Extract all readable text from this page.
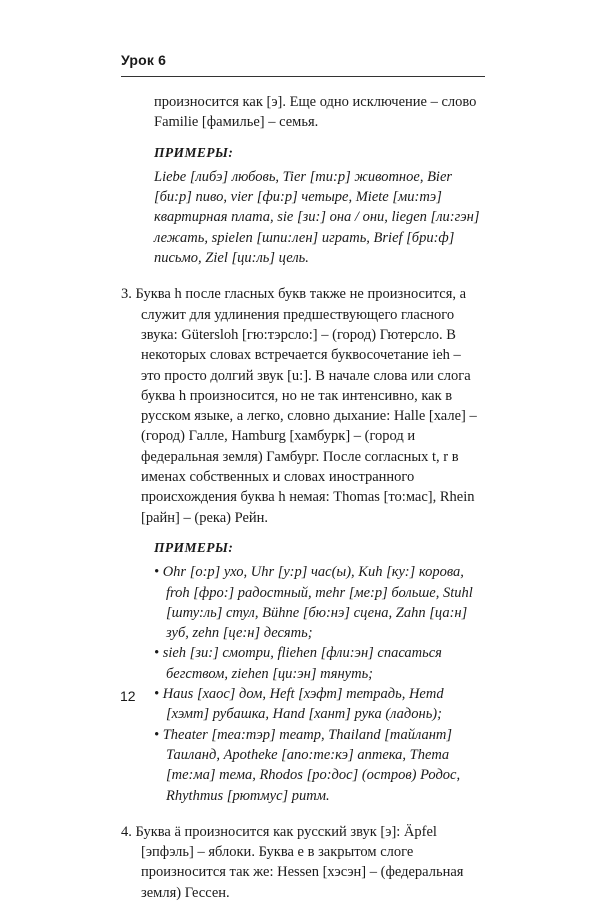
Урок 6

произносится как [э]. Еще одно исключение – слово Familie [фамильe] – семья.

ПРИМЕРЫ:

Liebe [лuбэ] любовь, Tier [тu:р] животное, Bier [бu:р] пиво, vier [фu:р] четыре, Miete [мu:тэ] квартирная плата, sie [зu:] она / они, liegen [лu:гэн] лежать, spielen [шпu:лен] играть, Brief [брu:ф] письмо, Ziel [цu:ль] цель.

3. Буква h после гласных букв также не произносится, а служит для удлинения предшествующего гласного звука: Gütersloh [гю:тэрсло:] – (город) Гютерсло. В некоторых словах встречается буквосочетание ieh – это просто долгий звук [u:]. В начале слова или слога буква h произносится, но не так интенсивно, как в русском языке, а легко, словно дыхание: Halle [хале] – (город) Галле, Hamburg [хамбурк] – (город и федеральная земля) Гамбург. После согласных t, r в именах собственных и словах иностранного происхождения буква h немая: Thomas [то:мас], Rhein [райн] – (река) Рейн.

ПРИМЕРЫ:
• Ohr [о:р] ухо, Uhr [у:р] час(ы), Kuh [ку:] корова, froh [фро:] радостный, mehr [ме:р] больше, Stuhl [шту:ль] стул, Bühne [бю:нэ] сцена, Zahn [ца:н] зуб, zehn [це:н] десять;
• sieh [зu:] смотри, fliehen [флu:эн] спасаться бегством, ziehen [цu:эн] тянуть;
• Haus [хаос] дом, Heft [хэфт] тетрадь, Hemd [хэмт] рубашка, Hand [хант] рука (ладонь);
• Theater [теа:тэр] театр, Thailand [тайлант] Таиланд, Apotheke [апо:те:кэ] аптека, Thema [те:ма] тема, Rhodos [ро:дос] (остров) Родос, Rhythmus [рютмус] ритм.

4. Буква ä произносится как русский звук [э]: Äpfel [эпфэль] – яблоки. Буква e в закрытом слоге произносится так же: Hessen [хэсэн] – (федеральная земля) Гессен.

12
